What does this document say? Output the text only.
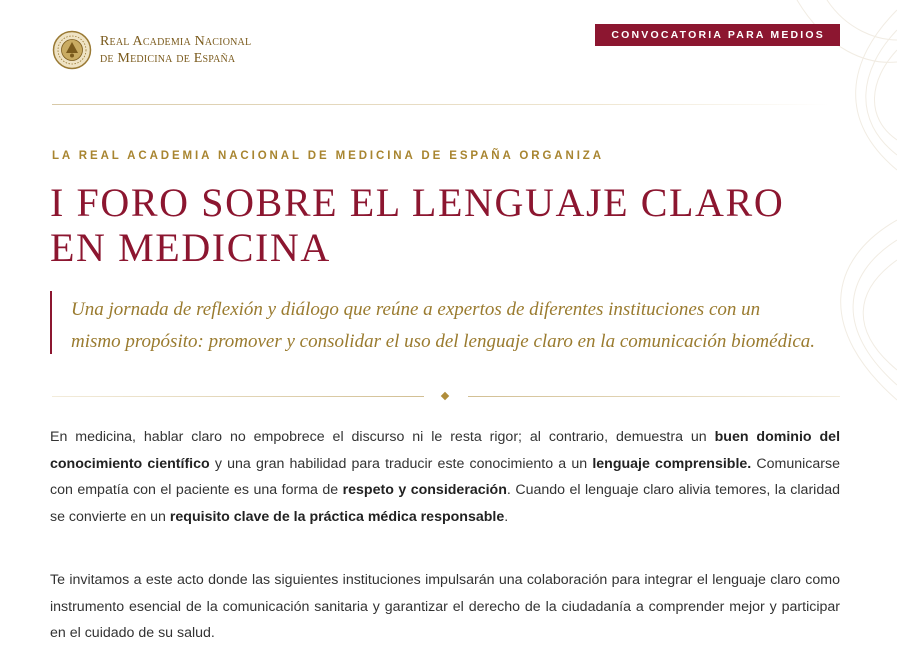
Real Academia Nacional
de Medicina de España
CONVOCATORIA PARA MEDIOS
LA REAL ACADEMIA NACIONAL DE MEDICINA DE ESPAÑA ORGANIZA
I FORO SOBRE EL LENGUAJE CLARO
EN MEDICINA

Una jornada de reflexión y diálogo que reúne a expertos de diferentes instituciones con un
mismo propósito: promover y consolidar el uso del lenguaje claro en la comunicación biomédica.

En medicina, hablar claro no empobrece el discurso ni le resta rigor; al contrario, demuestra un buen dominio del conocimiento científico y una gran habilidad para traducir este conocimiento a un lenguaje comprensible. Comunicarse con empatía con el paciente es una forma de respeto y consideración. Cuando el lenguaje claro alivia temores, la claridad se convierte en un requisito clave de la práctica médica responsable.

Te invitamos a este acto donde las siguientes instituciones impulsarán una colaboración para integrar el lenguaje claro como instrumento esencial de la comunicación sanitaria y garantizar el derecho de la ciudadanía a comprender mejor y participar en el cuidado de su salud.
